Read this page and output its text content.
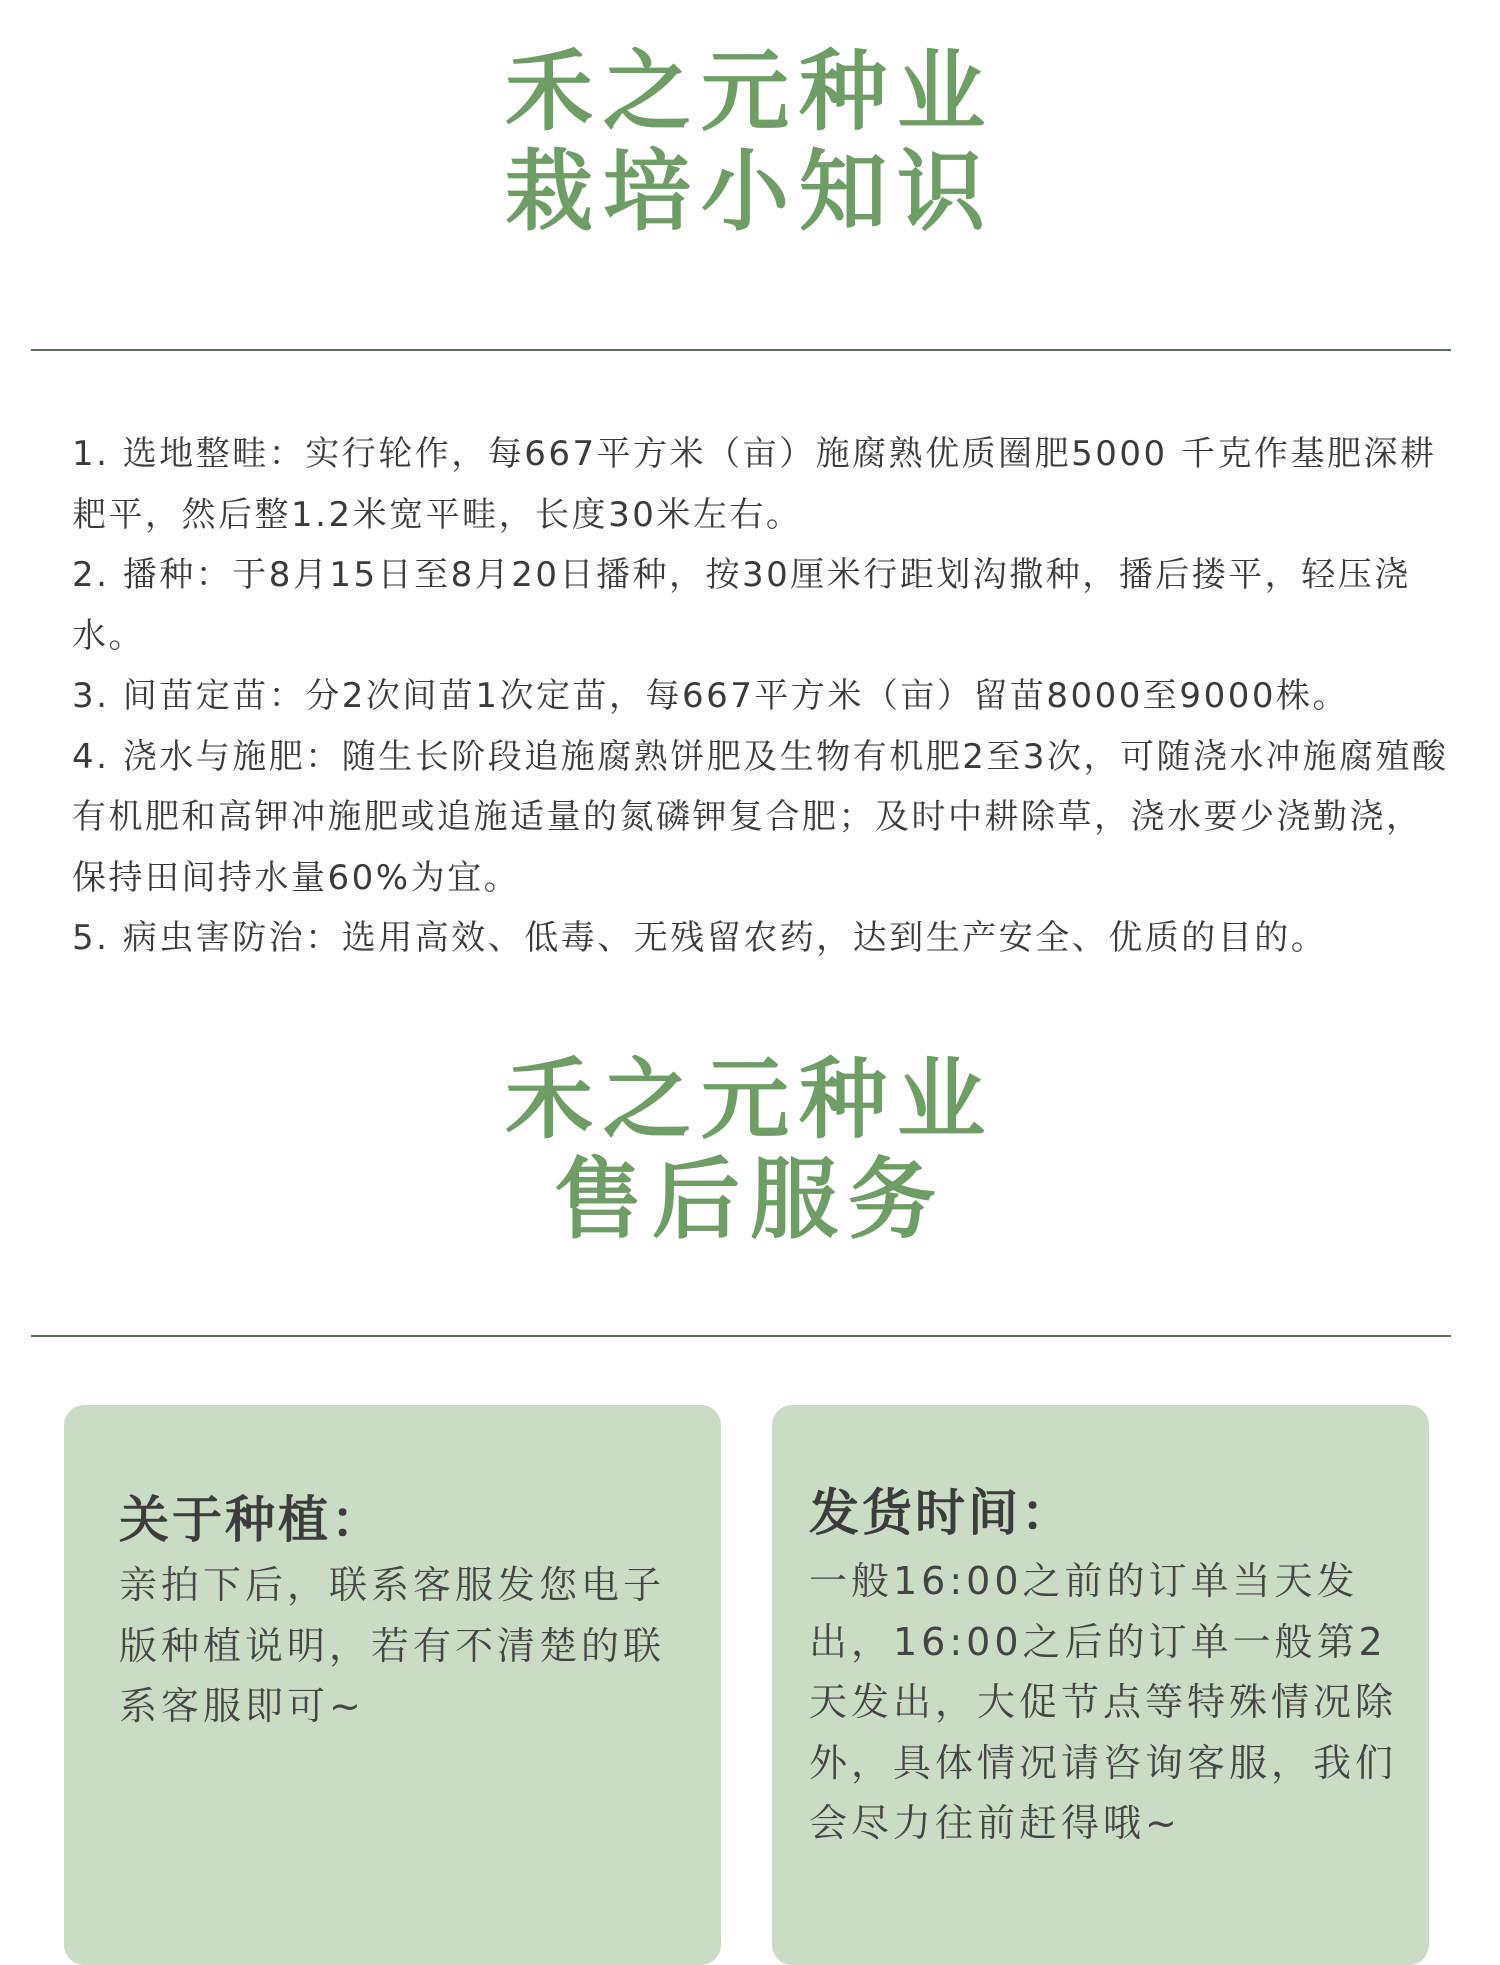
禾之元种业
栽培小知识
1. 选地整畦：实行轮作，每667平方米（亩）施腐熟优质圈肥5000 千克作基肥深耕耙平，然后整1.2米宽平畦，长度30米左右。
2. 播种：于8月15日至8月20日播种，按30厘米行距划沟撒种，播后搂平，轻压浇水。
3. 间苗定苗：分2次间苗1次定苗，每667平方米（亩）留苗8000至9000株。
4. 浇水与施肥：随生长阶段追施腐熟饼肥及生物有机肥2至3次，可随浇水冲施腐殖酸有机肥和高钾冲施肥或追施适量的氮磷钾复合肥；及时中耕除草，浇水要少浇勤浇，保持田间持水量60%为宜。
5. 病虫害防治：选用高效、低毒、无残留农药，达到生产安全、优质的目的。
禾之元种业
售后服务
关于种植：
亲拍下后，联系客服发您电子版种植说明，若有不清楚的联系客服即可~
发货时间：
一般16:00之前的订单当天发出，16:00之后的订单一般第2天发出，大促节点等特殊情况除外，具体情况请咨询客服，我们会尽力往前赶得哦~
